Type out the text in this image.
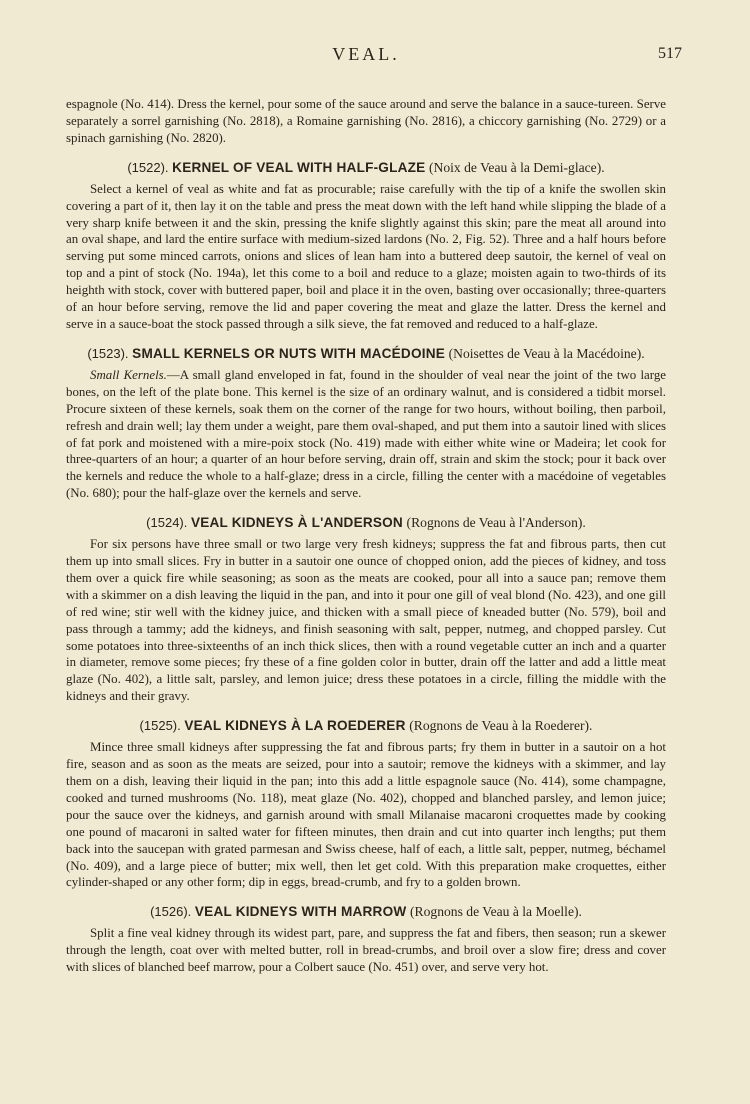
VEAL.	517

espagnole (No. 414). Dress the kernel, pour some of the sauce around and serve the balance in a sauce-tureen. Serve separately a sorrel garnishing (No. 2818), a Romaine garnishing (No. 2816), a chiccory garnishing (No. 2729) or a spinach garnishing (No. 2820).

(1522). KERNEL OF VEAL WITH HALF-GLAZE (Noix de Veau à la Demi-glace).

Select a kernel of veal as white and fat as procurable; raise carefully with the tip of a knife the swollen skin covering a part of it, then lay it on the table and press the meat down with the left hand while slipping the blade of a very sharp knife between it and the skin, pressing the knife slightly against this skin; pare the meat all around into an oval shape, and lard the entire surface with medium-sized lardons (No. 2, Fig. 52). Three and a half hours before serving put some minced carrots, onions and slices of lean ham into a buttered deep sautoir, the kernel of veal on top and a pint of stock (No. 194a), let this come to a boil and reduce to a glaze; moisten again to two-thirds of its heighth with stock, cover with buttered paper, boil and place it in the oven, basting over occasionally; three-quarters of an hour before serving, remove the lid and paper covering the meat and glaze the latter. Dress the kernel and serve in a sauce-boat the stock passed through a silk sieve, the fat removed and reduced to a half-glaze.

(1523). SMALL KERNELS OR NUTS WITH MACÉDOINE (Noisettes de Veau à la Macédoine).

Small Kernels.—A small gland enveloped in fat, found in the shoulder of veal near the joint of the two large bones, on the left of the plate bone. This kernel is the size of an ordinary walnut, and is considered a tidbit morsel. Procure sixteen of these kernels, soak them on the corner of the range for two hours, without boiling, then parboil, refresh and drain well; lay them under a weight, pare them oval-shaped, and put them into a sautoir lined with slices of fat pork and moistened with a mire-poix stock (No. 419) made with either white wine or Madeira; let cook for three-quarters of an hour; a quarter of an hour before serving, drain off, strain and skim the stock; pour it back over the kernels and reduce the whole to a half-glaze; dress in a circle, filling the center with a macédoine of vegetables (No. 680); pour the half-glaze over the kernels and serve.

(1524). VEAL KIDNEYS À L'ANDERSON (Rognons de Veau à l'Anderson).

For six persons have three small or two large very fresh kidneys; suppress the fat and fibrous parts, then cut them up into small slices. Fry in butter in a sautoir one ounce of chopped onion, add the pieces of kidney, and toss them over a quick fire while seasoning; as soon as the meats are cooked, pour all into a sauce pan; remove them with a skimmer on a dish leaving the liquid in the pan, and into it pour one gill of veal blond (No. 423), and one gill of red wine; stir well with the kidney juice, and thicken with a small piece of kneaded butter (No. 579), boil and pass through a tammy; add the kidneys, and finish seasoning with salt, pepper, nutmeg, and chopped parsley. Cut some potatoes into three-sixteenths of an inch thick slices, then with a round vegetable cutter an inch and a quarter in diameter, remove some pieces; fry these of a fine golden color in butter, drain off the latter and add a little meat glaze (No. 402), a little salt, parsley, and lemon juice; dress these potatoes in a circle, filling the middle with the kidneys and their gravy.

(1525). VEAL KIDNEYS À LA ROEDERER (Rognons de Veau à la Roederer).

Mince three small kidneys after suppressing the fat and fibrous parts; fry them in butter in a sautoir on a hot fire, season and as soon as the meats are seized, pour into a sautoir; remove the kidneys with a skimmer, and lay them on a dish, leaving their liquid in the pan; into this add a little espagnole sauce (No. 414), some champagne, cooked and turned mushrooms (No. 118), meat glaze (No. 402), chopped and blanched parsley, and lemon juice; pour the sauce over the kidneys, and garnish around with small Milanaise macaroni croquettes made by cooking one pound of macaroni in salted water for fifteen minutes, then drain and cut into quarter inch lengths; put them back into the saucepan with grated parmesan and Swiss cheese, half of each, a little salt, pepper, nutmeg, béchamel (No. 409), and a large piece of butter; mix well, then let get cold. With this preparation make croquettes, either cylinder-shaped or any other form; dip in eggs, bread-crumb, and fry to a golden brown.

(1526). VEAL KIDNEYS WITH MARROW (Rognons de Veau à la Moelle).

Split a fine veal kidney through its widest part, pare, and suppress the fat and fibers, then season; run a skewer through the length, coat over with melted butter, roll in bread-crumbs, and broil over a slow fire; dress and cover with slices of blanched beef marrow, pour a Colbert sauce (No. 451) over, and serve very hot.
